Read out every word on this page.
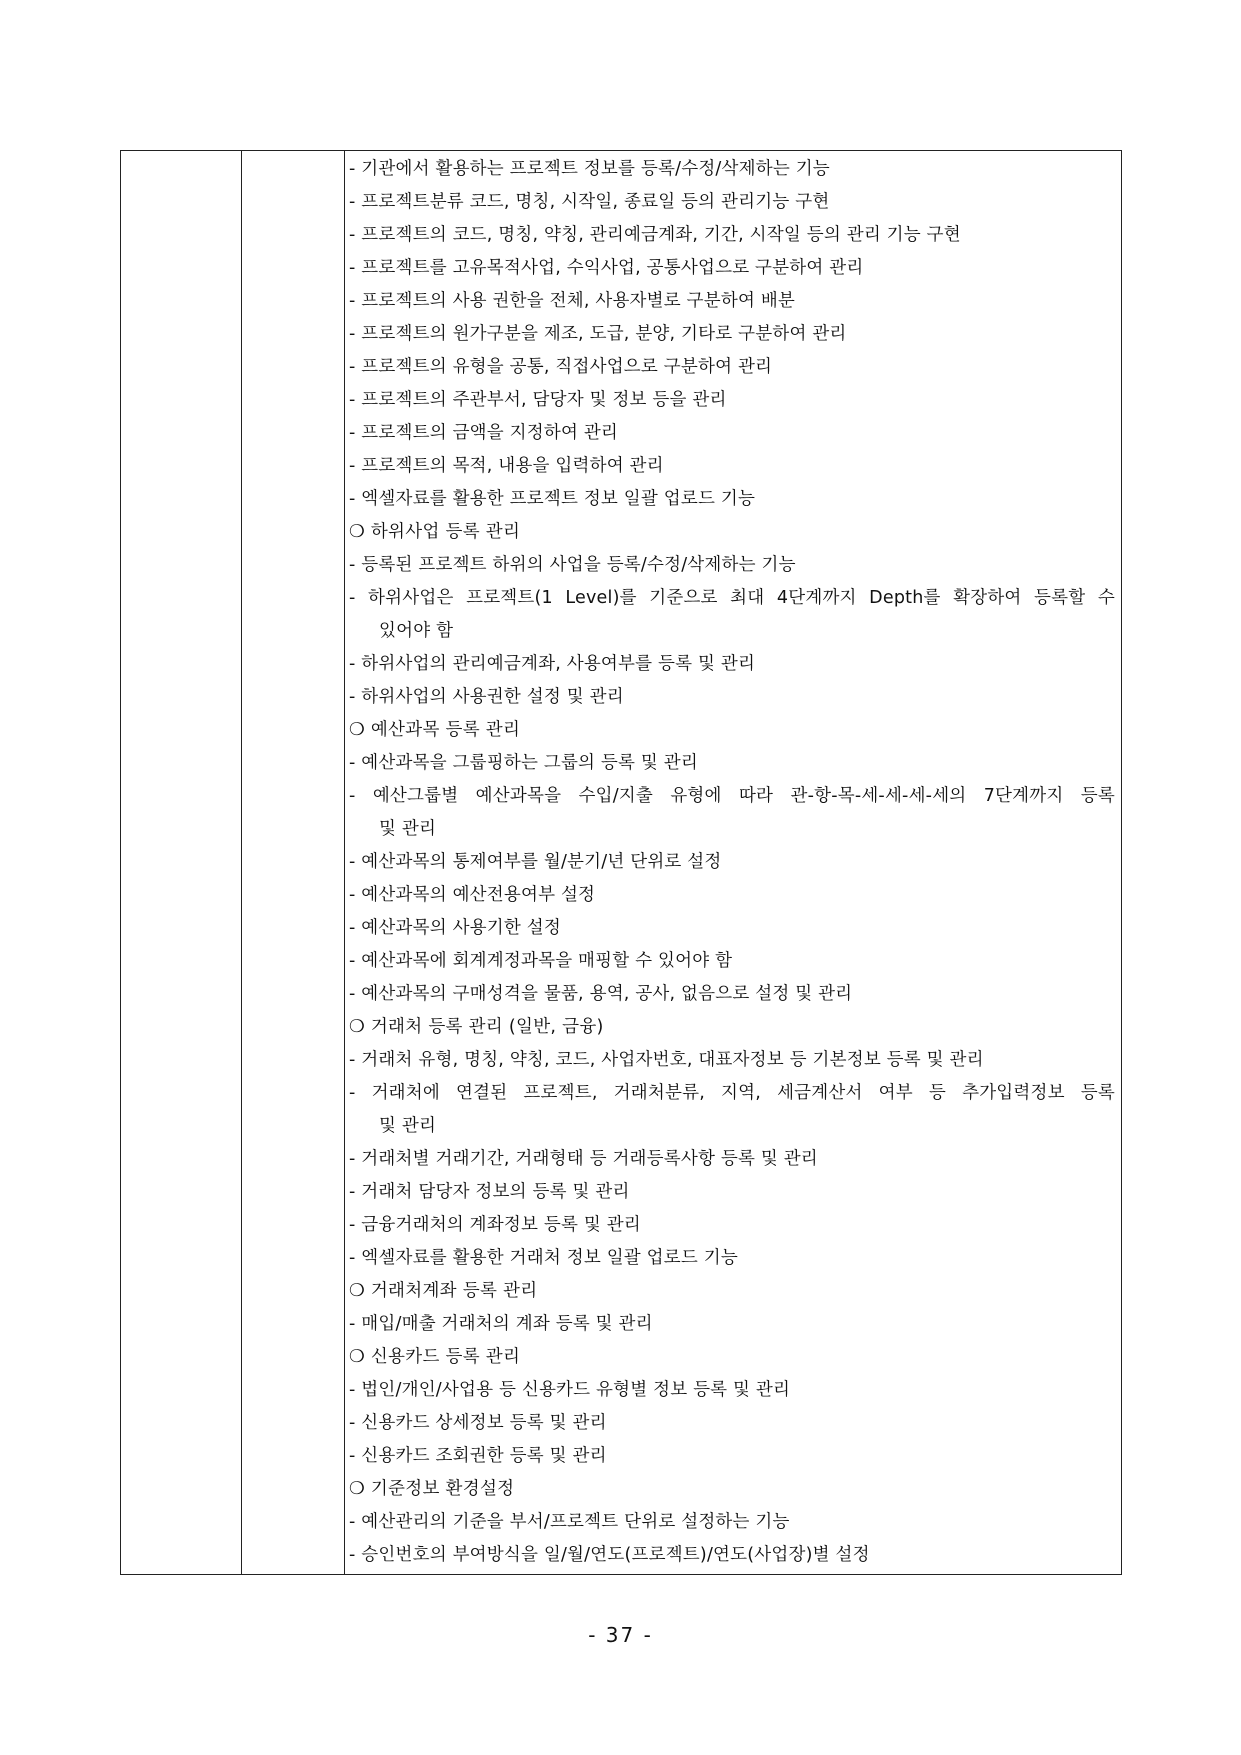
- 기관에서 활용하는 프로젝트 정보를 등록/수정/삭제하는 기능
- 프로젝트분류 코드, 명칭, 시작일, 종료일 등의 관리기능 구현
- 프로젝트의 코드, 명칭, 약칭, 관리예금계좌, 기간, 시작일 등의 관리 기능 구현
- 프로젝트를 고유목적사업, 수익사업, 공통사업으로 구분하여 관리
- 프로젝트의 사용 권한을 전체, 사용자별로 구분하여 배분
- 프로젝트의 원가구분을 제조, 도급, 분양, 기타로 구분하여 관리
- 프로젝트의 유형을 공통, 직접사업으로 구분하여 관리
- 프로젝트의 주관부서, 담당자 및 정보 등을 관리
- 프로젝트의 금액을 지정하여 관리
- 프로젝트의 목적, 내용을 입력하여 관리
- 엑셀자료를 활용한 프로젝트 정보 일괄 업로드 기능
❍ 하위사업 등록 관리
- 등록된 프로젝트 하위의 사업을 등록/수정/삭제하는 기능
- 하위사업은 프로젝트(1 Level)를 기준으로 최대 4단계까지 Depth를 확장하여 등록할 수
있어야 함
- 하위사업의 관리예금계좌, 사용여부를 등록 및 관리
- 하위사업의 사용권한 설정 및 관리
❍ 예산과목 등록 관리
- 예산과목을 그룹핑하는 그룹의 등록 및 관리
- 예산그룹별 예산과목을 수입/지출 유형에 따라 관-항-목-세-세-세-세의 7단계까지 등록
및 관리
- 예산과목의 통제여부를 월/분기/년 단위로 설정
- 예산과목의 예산전용여부 설정
- 예산과목의 사용기한 설정
- 예산과목에 회계계정과목을 매핑할 수 있어야 함
- 예산과목의 구매성격을 물품, 용역, 공사, 없음으로 설정 및 관리
❍ 거래처 등록 관리 (일반, 금융)
- 거래처 유형, 명칭, 약칭, 코드, 사업자번호, 대표자정보 등 기본정보 등록 및 관리
- 거래처에 연결된 프로젝트, 거래처분류, 지역, 세금계산서 여부 등 추가입력정보 등록
및 관리
- 거래처별 거래기간, 거래형태 등 거래등록사항 등록 및 관리
- 거래처 담당자 정보의 등록 및 관리
- 금융거래처의 계좌정보 등록 및 관리
- 엑셀자료를 활용한 거래처 정보 일괄 업로드 기능
❍ 거래처계좌 등록 관리
- 매입/매출 거래처의 계좌 등록 및 관리
❍ 신용카드 등록 관리
- 법인/개인/사업용 등 신용카드 유형별 정보 등록 및 관리
- 신용카드 상세정보 등록 및 관리
- 신용카드 조회권한 등록 및 관리
❍ 기준정보 환경설정
- 예산관리의 기준을 부서/프로젝트 단위로 설정하는 기능
- 승인번호의 부여방식을 일/월/연도(프로젝트)/연도(사업장)별 설정
- 37 -
